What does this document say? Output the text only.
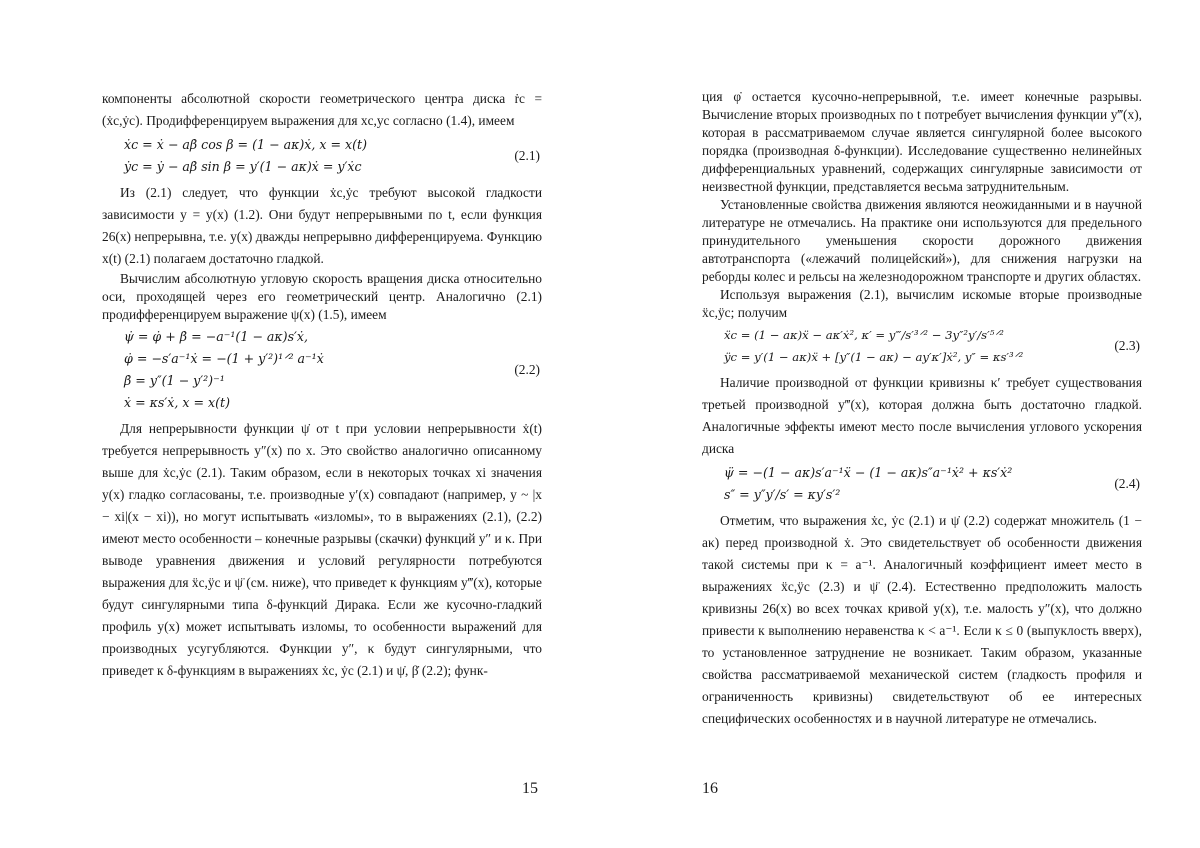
компоненты абсолютной скорости геометрического центра диска ṙc = (ẋc,ẏc). Продифференцируем выражения для xc,yc согласно (1.4), имеем

ẋc = ẋ − aβ̇ cos β = (1 − aκ)ẋ, x = x(t)
ẏc = ẏ − aβ̇ sin β = y′(1 − aκ)ẋ = y′ẋc
(2.1)

Из (2.1) следует, что функции ẋc,ẏc требуют высокой гладкости зависимости y = y(x) (1.2). Они будут непрерывными по t, если функция 26(x) непрерывна, т.е. y(x) дважды непрерывно дифференцируема. Функцию x(t) (2.1) полагаем достаточно гладкой.

Вычислим абсолютную угловую скорость вращения диска относительно оси, проходящей через его геометрический центр. Аналогично (2.1) продифференцируем выражение ψ(x) (1.5), имеем

ψ̇ = φ̇ + β̇ = −a⁻¹(1 − aκ)s′ẋ,
φ̇ = −s′a⁻¹ẋ = −(1 + y′²)¹ᐟ² a⁻¹ẋ
β̇ = y″(1 − y′²)⁻¹
ẋ = κs′ẋ, x = x(t)
(2.2)

Для непрерывности функции ψ̇ от t при условии непрерывности ẋ(t) требуется непрерывность y″(x) по x. Это свойство аналогично описанному выше для ẋc,ẏc (2.1). Таким образом, если в некоторых точках xi значения y(x) гладко согласованы, т.е. производные y′(x) совпадают (например, y ~ |x − xi|(x − xi)), но могут испытывать «изломы», то в выражениях (2.1), (2.2) имеют место особенности – конечные разрывы (скачки) функций y″ и κ. При выводе уравнения движения и условий регулярности потребуются выражения для ẍc,ÿc и ψ̈ (см. ниже), что приведет к функциям y‴(x), которые будут сингулярными типа δ-функций Дирака. Если же кусочно-гладкий профиль y(x) может испытывать изломы, то особенности выражений для производных усугубляются. Функции y″, κ будут сингулярными, что приведет к δ-функциям в выражениях ẋc, ẏc (2.1) и ψ̇, β̇ (2.2); функ-

15

ция φ̇ остается кусочно-непрерывной, т.е. имеет конечные разрывы. Вычисление вторых производных по t потребует вычисления функции y‴(x), которая в рассматриваемом случае является сингулярной более высокого порядка (производная δ-функции). Исследование существенно нелинейных дифференциальных уравнений, содержащих сингулярные зависимости от неизвестной функции, представляется весьма затруднительным.

Установленные свойства движения являются неожиданными и в научной литературе не отмечались. На практике они используются для предельного принудительного уменьшения скорости дорожного движения автотранспорта («лежачий полицейский»), для снижения нагрузки на реборды колес и рельсы на железнодорожном транспорте и других областях.

Используя выражения (2.1), вычислим искомые вторые производные ẍc,ÿc; получим

ẍc = (1 − aκ)ẍ − aκ′ẋ², κ′ = y‴/s′³ᐟ² − 3y″²y′/s′⁵ᐟ²
ÿc = y′(1 − aκ)ẍ + [y″(1 − aκ) − ay′κ′]ẋ², y″ = κs′³ᐟ²
(2.3)

Наличие производной от функции кривизны κ′ требует существования третьей производной y‴(x), которая должна быть достаточно гладкой. Аналогичные эффекты имеют место после вычисления углового ускорения диска

ψ̈ = −(1 − aκ)s′a⁻¹ẍ − (1 − aκ)s″a⁻¹ẋ² + κs′ẋ²
s″ = y″y′/s′ = κy′s′²
(2.4)

Отметим, что выражения ẋc, ẏc (2.1) и ψ̇ (2.2) содержат множитель (1 − aκ) перед производной ẋ. Это свидетельствует об особенности движения такой системы при κ = a⁻¹. Аналогичный коэффициент имеет место в выражениях ẍc,ÿc (2.3) и ψ̈ (2.4). Естественно предположить малость кривизны 26(x) во всех точках кривой y(x), т.е. малость y″(x), что должно привести к выполнению неравенства κ < a⁻¹. Если κ ≤ 0 (выпуклость вверх), то установленное затруднение не возникает. Таким образом, указанные свойства рассматриваемой механической систем (гладкость профиля и ограниченность кривизны) свидетельствуют об ее интересных специфических особенностях и в научной литературе не отмечались.

16
